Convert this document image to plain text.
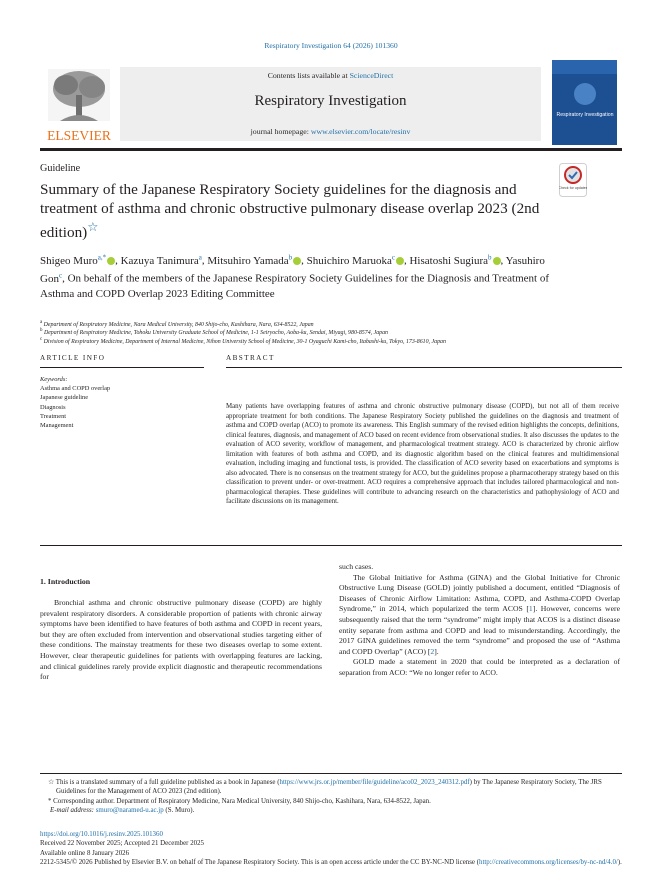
Respiratory Investigation 64 (2026) 101360
ELSEVIER
Contents lists available at ScienceDirect
Respiratory Investigation
journal homepage: www.elsevier.com/locate/resinv
Respiratory Investigation
Guideline
Summary of the Japanese Respiratory Society guidelines for the diagnosis and treatment of asthma and chronic obstructive pulmonary disease overlap 2023 (2nd edition)☆
Check for updates
Shigeo Muro$^{a,*}$ , Kazuya Tanimura$^a$, Mitsuhiro Yamada$^b$ , Shuichiro Maruoka$^c$ , Hisatoshi Sugiura$^b$ , Yasuhiro Gon$^c$, On behalf of the members of the Japanese Respiratory Society Guidelines for the Diagnosis and Treatment of Asthma and COPD Overlap 2023 Editing Committee
$^a$ Department of Respiratory Medicine, Nara Medical University, 840 Shijo-cho, Kashihara, Nara, 634-8522, Japan
$^b$ Department of Respiratory Medicine, Tohoku University Graduate School of Medicine, 1-1 Seiryocho, Aoba-ku, Sendai, Miyagi, 980-8574, Japan
$^c$ Division of Respiratory Medicine, Department of Internal Medicine, Nihon University School of Medicine, 30-1 Oyaguchi Kami-cho, Itabashi-ku, Tokyo, 173-8610, Japan
ARTICLE INFO	ABSTRACT
Keywords:
Asthma and COPD overlap
Japanese guideline
Diagnosis
Treatment
Management
Many patients have overlapping features of asthma and chronic obstructive pulmonary disease (COPD), but not all of them receive appropriate treatment for both conditions. The Japanese Respiratory Society published the guidelines on the diagnosis and treatment of asthma and COPD overlap (ACO) to promote its awareness. This English summary of the revised edition highlights the concepts, definitions, clinical features, diagnosis, and management of ACO based on recent evidence from observational studies. It also discusses the updates to the evaluation of ACO severity, workflow of management, and pharmacological treatment strategy. ACO is characterized by chronic airflow limitation with features of both asthma and COPD, and its diagnostic algorithm based on the clinical features and multidimensional evaluation, including imaging and functional tests, is provided. The classification of ACO severity based on exacerbations and symptoms is also advocated. There is no consensus on the treatment strategy for ACO, but the guidelines propose a pharmacotherapy strategy based on this classification to prevent under- or over-treatment. ACO requires a comprehensive approach that includes tailored pharmacological and non-pharmacological therapies. These guidelines will contribute to advancing research on the characteristics and pathophysiology of ACO and facilitate discussions on its management.
1. Introduction

Bronchial asthma and chronic obstructive pulmonary disease (COPD) are highly prevalent respiratory disorders. A considerable proportion of patients with chronic airway symptoms have been identified to have features of both asthma and COPD in recent years, but they are often excluded from intervention and observational studies targeting either of these conditions. The mainstay treatments for these two diseases overlap to some extent. However, clear therapeutic guidelines for patients with overlapping features are lacking, and clinical guidelines rarely provide explicit diagnostic and therapeutic recommendations for

such cases.

The Global Initiative for Asthma (GINA) and the Global Initiative for Chronic Obstructive Lung Disease (GOLD) jointly published a document, entitled “Diagnosis of Diseases of Chronic Airflow Limitation: Asthma, COPD, and Asthma-COPD Overlap Syndrome,” in 2014, which popularized the term ACOS [1]. However, concerns were subsequently raised that the term “syndrome” might imply that ACOS is a distinct disease entity separate from asthma and COPD and lead to misunderstanding. Accordingly, the 2017 GINA guidelines removed the term “syndrome” and proposed the use of “Asthma and COPD Overlap” (ACO) [2].

GOLD made a statement in 2020 that could be interpreted as a declaration of separation from ACO: “We no longer refer to ACO.

☆ This is a translated summary of a full guideline published as a book in Japanese (https://www.jrs.or.jp/member/file/guideline/aco02_2023_240312.pdf) by The Japanese Respiratory Society, The JRS Guidelines for the Management of ACO 2023 (2nd edition).

* Corresponding author. Department of Respiratory Medicine, Nara Medical University, 840 Shijo-cho, Kashihara, Nara, 634-8522, Japan.

E-mail address: smuro@naramed-u.ac.jp (S. Muro).

https://doi.org/10.1016/j.resinv.2025.101360

Received 22 November 2025; Accepted 21 December 2025

Available online 8 January 2026

2212-5345/© 2026 Published by Elsevier B.V. on behalf of The Japanese Respiratory Society. This is an open access article under the CC BY-NC-ND license (http://creativecommons.org/licenses/by-nc-nd/4.0/).
